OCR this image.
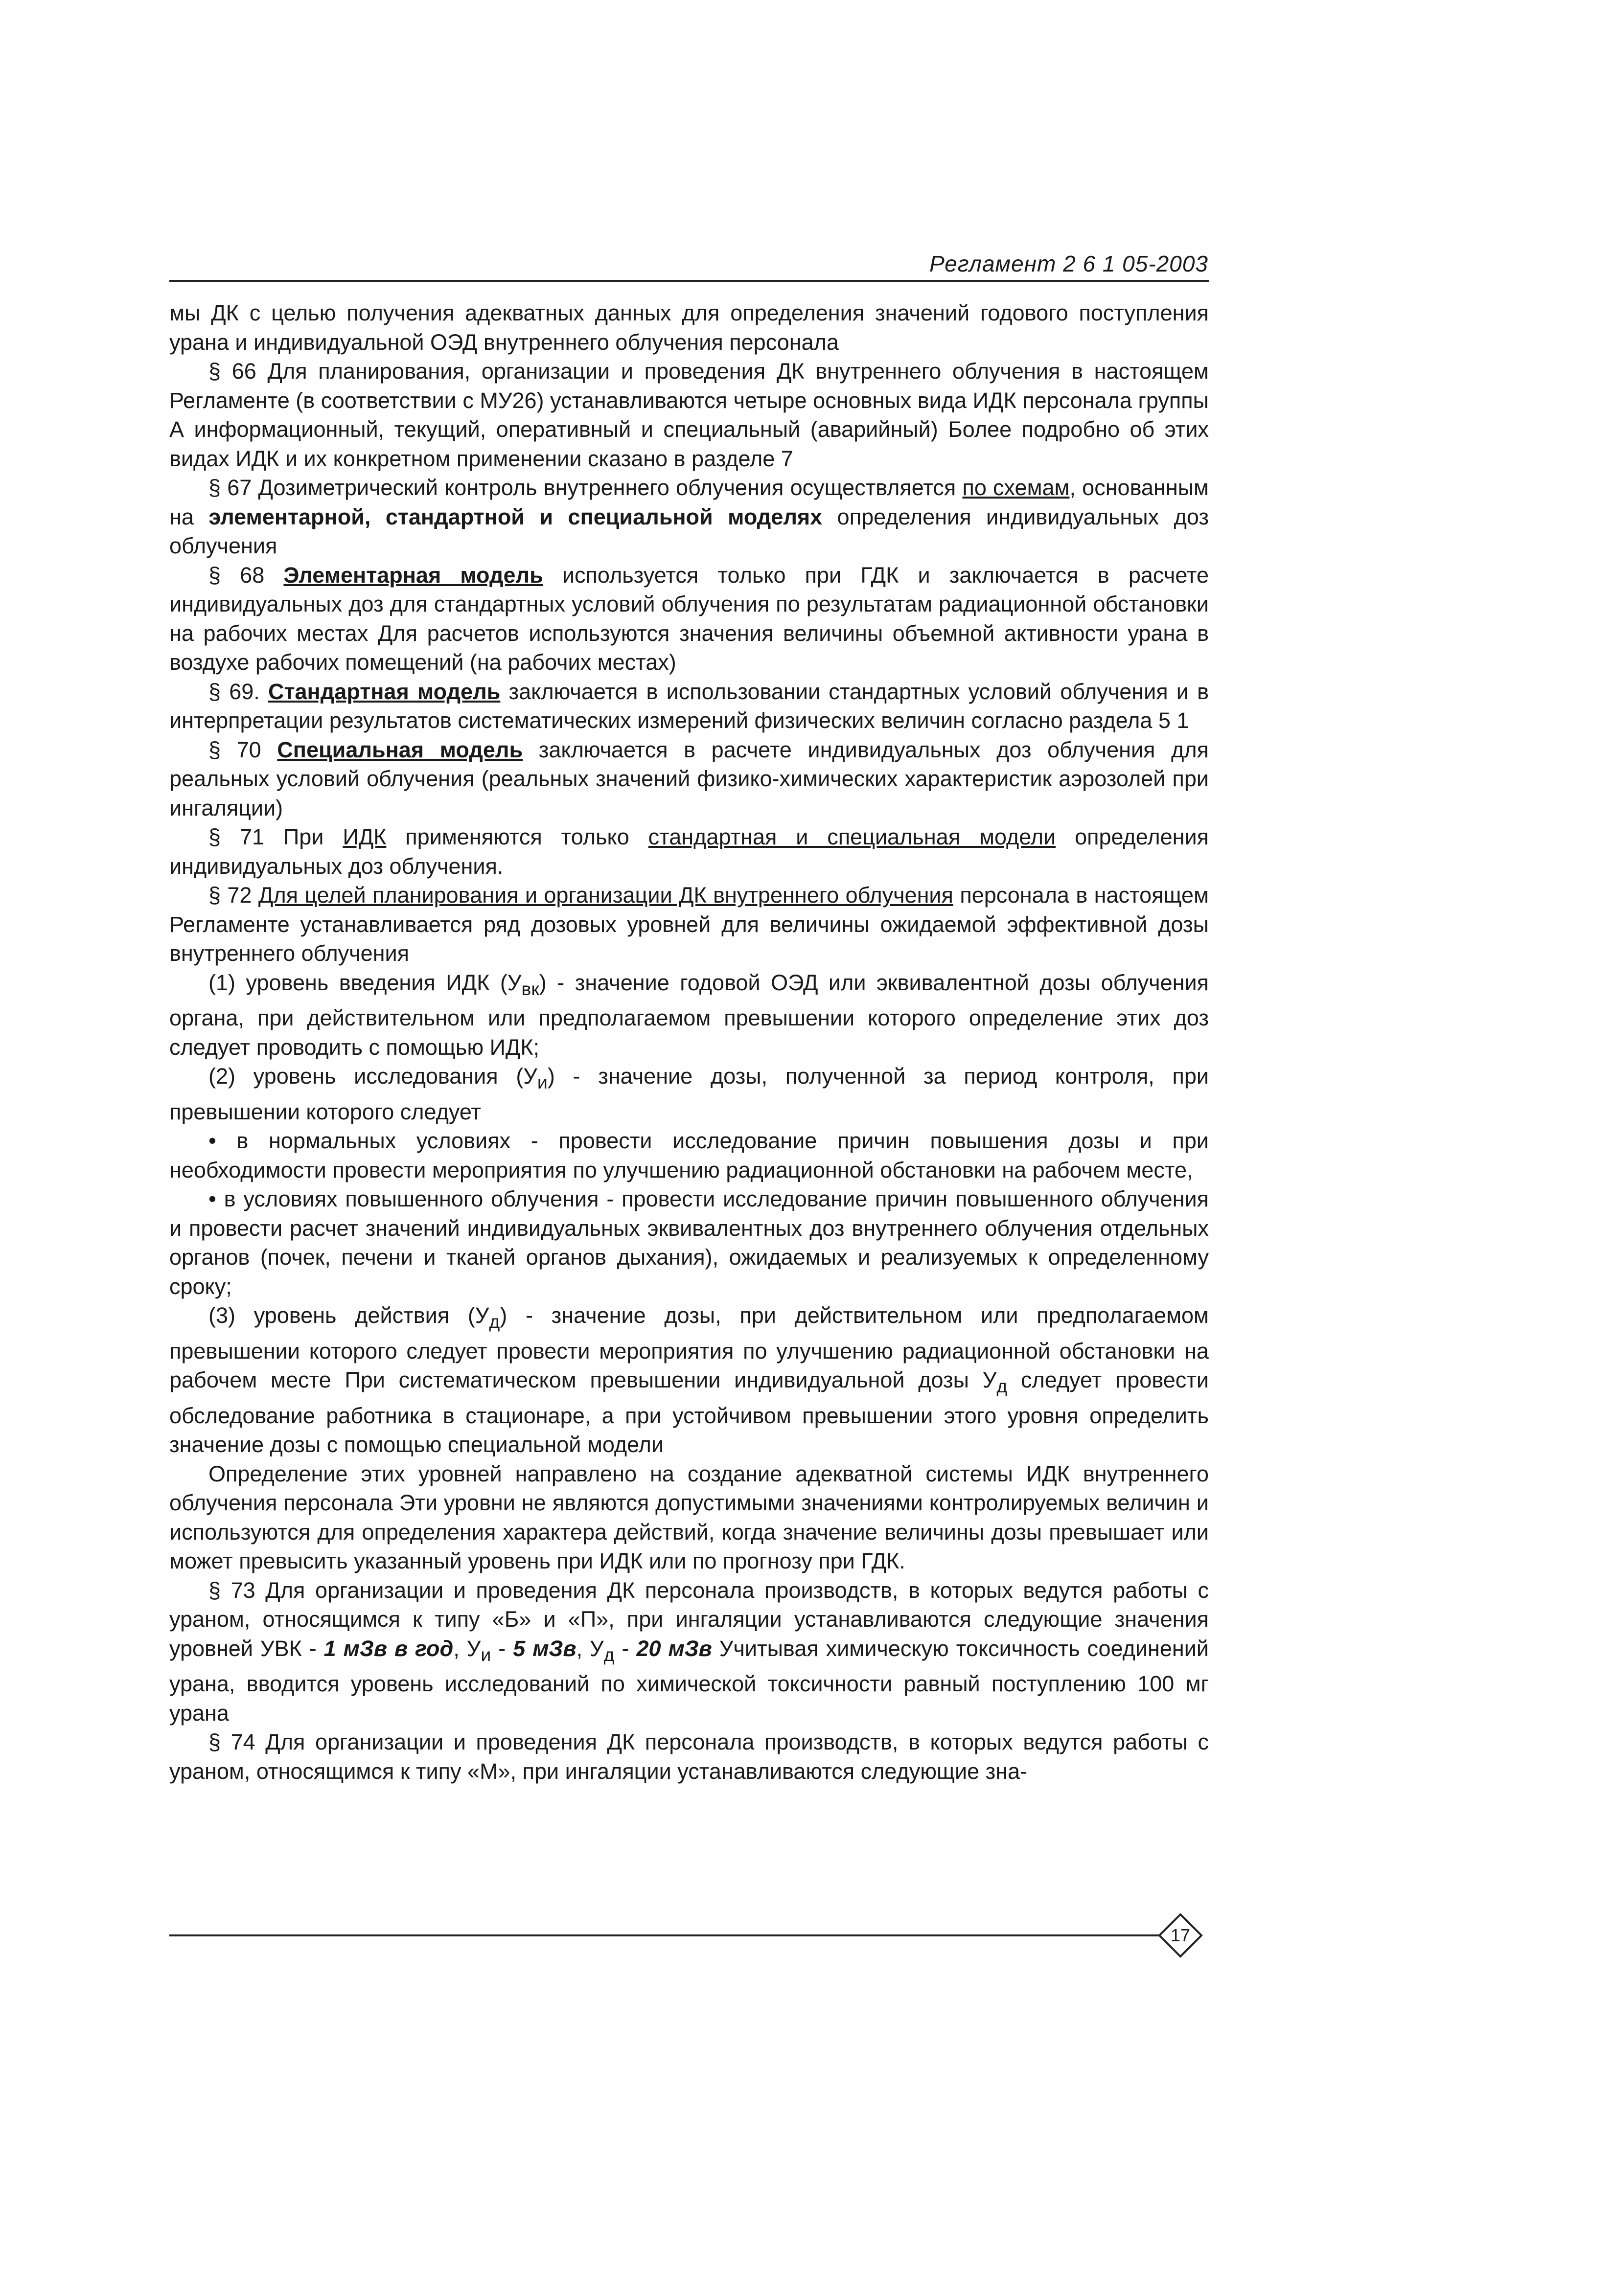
Регламент 2 6 1 05-2003

мы ДК с целью получения адекватных данных для определения значений годового поступления урана и индивидуальной ОЭД внутреннего облучения персонала

§ 66 Для планирования, организации и проведения ДК внутреннего облучения в настоящем Регламенте (в соответствии с МУ26) устанавливаются четыре основных вида ИДК персонала группы А информационный, текущий, оперативный и специальный (аварийный) Более подробно об этих видах ИДК и их конкретном применении сказано в разделе 7

§ 67 Дозиметрический контроль внутреннего облучения осуществляется по схемам, основанным на элементарной, стандартной и специальной моделях определения индивидуальных доз облучения

§ 68 Элементарная модель используется только при ГДК и заключается в расчете индивидуальных доз для стандартных условий облучения по результатам радиационной обстановки на рабочих местах Для расчетов используются значения величины объемной активности урана в воздухе рабочих помещений (на рабочих местах)

§ 69. Стандартная модель заключается в использовании стандартных условий облучения и в интерпретации результатов систематических измерений физических величин согласно раздела 5 1

§ 70 Специальная модель заключается в расчете индивидуальных доз облучения для реальных условий облучения (реальных значений физико-химических характеристик аэрозолей при ингаляции)

§ 71 При ИДК применяются только стандартная и специальная модели определения индивидуальных доз облучения.

§ 72 Для целей планирования и организации ДК внутреннего облучения персонала в настоящем Регламенте устанавливается ряд дозовых уровней для величины ожидаемой эффективной дозы внутреннего облучения

(1) уровень введения ИДК $(У_{вк})$ - значение годовой ОЭД или эквивалентной дозы облучения органа, при действительном или предполагаемом превышении которого определение этих доз следует проводить с помощью ИДК;

(2) уровень исследования $(У_и)$ - значение дозы, полученной за период контроля, при превышении которого следует

• в нормальных условиях - провести исследование причин повышения дозы и при необходимости провести мероприятия по улучшению радиационной обстановки на рабочем месте,

• в условиях повышенного облучения - провести исследование причин повышенного облучения и провести расчет значений индивидуальных эквивалентных доз внутреннего облучения отдельных органов (почек, печени и тканей органов дыхания), ожидаемых и реализуемых к определенному сроку;

(3) уровень действия $(У_д)$ - значение дозы, при действительном или предполагаемом превышении которого следует провести мероприятия по улучшению радиационной обстановки на рабочем месте При систематическом превышении индивидуальной дозы $У_д$ следует провести обследование работника в стационаре, а при устойчивом превышении этого уровня определить значение дозы с помощью специальной модели

Определение этих уровней направлено на создание адекватной системы ИДК внутреннего облучения персонала Эти уровни не являются допустимыми значениями контролируемых величин и используются для определения характера действий, когда значение величины дозы превышает или может превысить указанный уровень при ИДК или по прогнозу при ГДК.

§ 73 Для организации и проведения ДК персонала производств, в которых ведутся работы с ураном, относящимся к типу «Б» и «П», при ингаляции устанавливаются следующие значения уровней УВК - 1 мЗв в год, $У_и - 5$ мЗв, $У_д - 20$ мЗв Учитывая химическую токсичность соединений урана, вводится уровень исследований по химической токсичности равный поступлению 100 мг урана

§ 74 Для организации и проведения ДК персонала производств, в которых ведутся работы с ураном, относящимся к типу «М», при ингаляции устанавливаются следующие зна-

17
